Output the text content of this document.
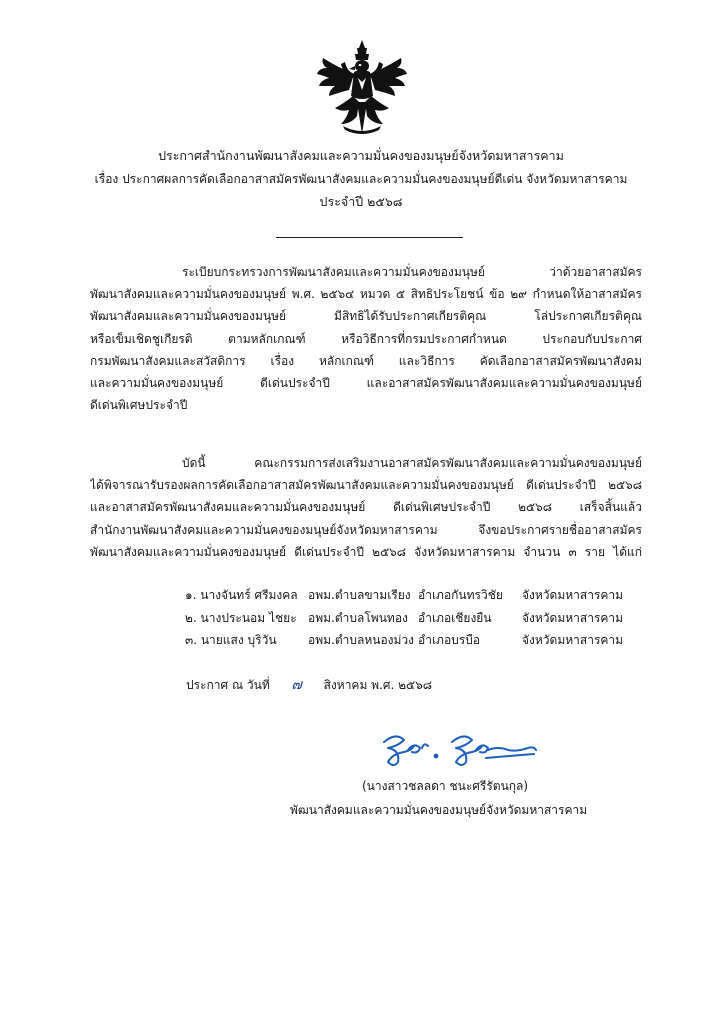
ประกาศสำนักงานพัฒนาสังคมและความมั่นคงของมนุษย์จังหวัดมหาสารคาม
เรื่อง ประกาศผลการคัดเลือกอาสาสมัครพัฒนาสังคมและความมั่นคงของมนุษย์ดีเด่น จังหวัดมหาสารคาม
ประจำปี ๒๕๖๘
ระเบียบกระทรวงการพัฒนาสังคมและความมั่นคงของมนุษย์ ว่าด้วยอาสาสมัคร
พัฒนาสังคมและความมั่นคงของมนุษย์ พ.ศ. ๒๕๖๔ หมวด ๕ สิทธิประโยชน์ ข้อ ๒๙ กำหนดให้อาสาสมัคร
พัฒนาสังคมและความมั่นคงของมนุษย์ มีสิทธิได้รับประกาศเกียรติคุณ โล่ประกาศเกียรติคุณ
หรือเข็มเชิดชูเกียรติ ตามหลักเกณฑ์ หรือวิธีการที่กรมประกาศกำหนด ประกอบกับประกาศ
กรมพัฒนาสังคมและสวัสดิการ เรื่อง หลักเกณฑ์ และวิธีการ คัดเลือกอาสาสมัครพัฒนาสังคม
และความมั่นคงของมนุษย์ ดีเด่นประจำปี และอาสาสมัครพัฒนาสังคมและความมั่นคงของมนุษย์
ดีเด่นพิเศษประจำปี
บัดนี้ คณะกรรมการส่งเสริมงานอาสาสมัครพัฒนาสังคมและความมั่นคงของมนุษย์
ได้พิจารณารับรองผลการคัดเลือกอาสาสมัครพัฒนาสังคมและความมั่นคงของมนุษย์ ดีเด่นประจำปี ๒๕๖๘
และอาสาสมัครพัฒนาสังคมและความมั่นคงของมนุษย์ ดีเด่นพิเศษประจำปี ๒๕๖๘ เสร็จสิ้นแล้ว
สำนักงานพัฒนาสังคมและความมั่นคงของมนุษย์จังหวัดมหาสารคาม จึงขอประกาศรายชื่ออาสาสมัคร
พัฒนาสังคมและความมั่นคงของมนุษย์ ดีเด่นประจำปี ๒๕๖๘ จังหวัดมหาสารคาม จำนวน ๓ ราย ได้แก่
๑. นางจันทร์ ศรีมงคล อพม.ตำบลขามเรียง อำเภอกันทรวิชัย	จังหวัดมหาสารคาม
๒. นางประนอม ไชยะ อพม.ตำบลโพนทอง อำเภอเชียงยืน	จังหวัดมหาสารคาม
๓. นายแสง บุริวัน	อพม.ตำบลหนองม่วง อำเภอบรบือ	จังหวัดมหาสารคาม
ประกาศ ณ วันที่ ๗ สิงหาคม พ.ศ. ๒๕๖๘
(นางสาวชลลดา ชนะศรีรัตนกุล)
พัฒนาสังคมและความมั่นคงของมนุษย์จังหวัดมหาสารคาม
